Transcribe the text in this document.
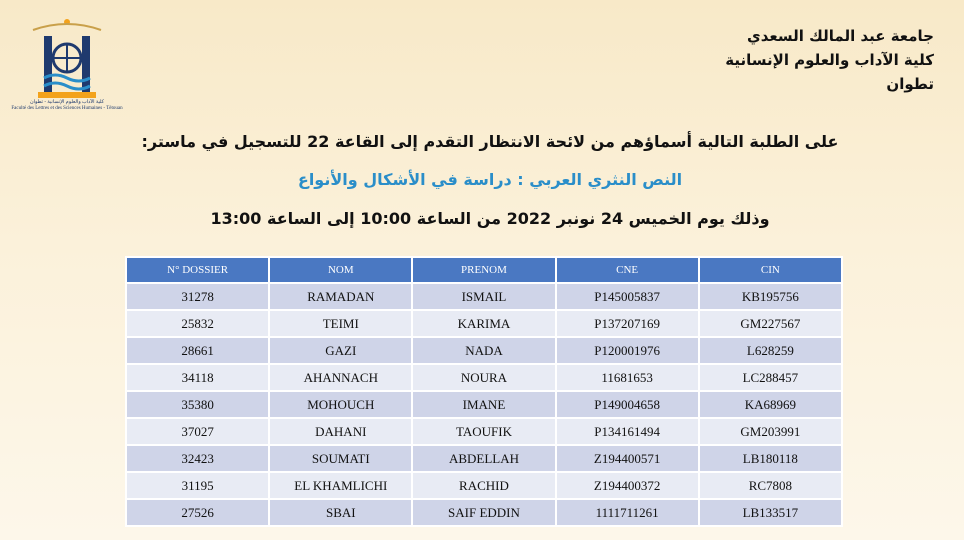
كلية الآداب والعلوم الإنسانية - تطوان
Faculté des Lettres et des Sciences Humaines - Tétouan
جامعة عبد المالك السعدي
كلية الآداب والعلوم الإنسانية
تطوان
على الطلبة التالية أسماؤهم من لائحة الانتظار التقدم إلى القاعة 22 للتسجيل في ماستر:
النص النثري العربي : دراسة في الأشكال والأنواع
وذلك يوم الخميس 24 نونبر 2022 من الساعة 10:00 إلى الساعة 13:00
N° DOSSIER	NOM	PRENOM	CNE	CIN
31278	RAMADAN	ISMAIL	P145005837	KB195756
25832	TEIMI	KARIMA	P137207169	GM227567
28661	GAZI	NADA	P120001976	L628259
34118	AHANNACH	NOURA	11681653	LC288457
35380	MOHOUCH	IMANE	P149004658	KA68969
37027	DAHANI	TAOUFIK	P134161494	GM203991
32423	SOUMATI	ABDELLAH	Z194400571	LB180118
31195	EL KHAMLICHI	RACHID	Z194400372	RC7808
27526	SBAI	SAIF EDDIN	1111711261	LB133517
